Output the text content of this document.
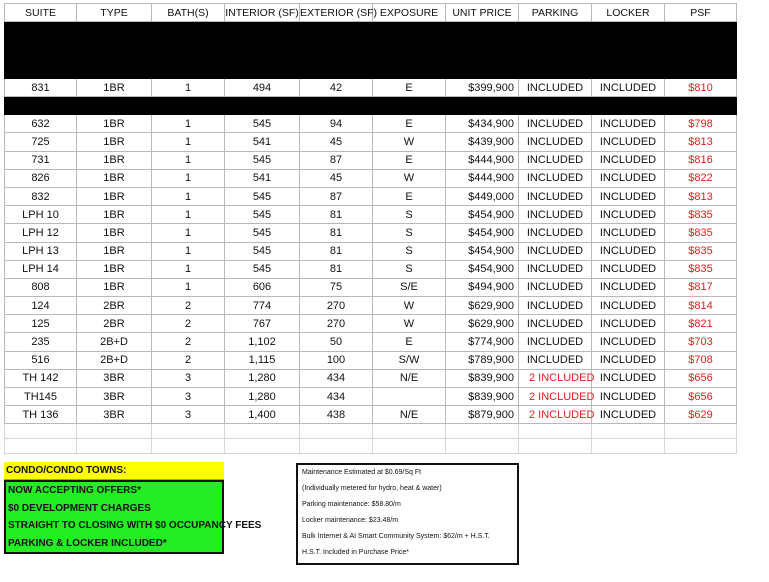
SUITE	TYPE	BATH(S)	INTERIOR (SF)	EXTERIOR (SF)	EXPOSURE	UNIT PRICE	PARKING	LOCKER	PSF

831	1BR	1	494	42	E	$399,900	INCLUDED	INCLUDED	$810

632	1BR	1	545	94	E	$434,900	INCLUDED	INCLUDED	$798
725	1BR	1	541	45	W	$439,900	INCLUDED	INCLUDED	$813
731	1BR	1	545	87	E	$444,900	INCLUDED	INCLUDED	$816
826	1BR	1	541	45	W	$444,900	INCLUDED	INCLUDED	$822
832	1BR	1	545	87	E	$449,000	INCLUDED	INCLUDED	$813
LPH 10	1BR	1	545	81	S	$454,900	INCLUDED	INCLUDED	$835
LPH 12	1BR	1	545	81	S	$454,900	INCLUDED	INCLUDED	$835
LPH 13	1BR	1	545	81	S	$454,900	INCLUDED	INCLUDED	$835
LPH 14	1BR	1	545	81	S	$454,900	INCLUDED	INCLUDED	$835
808	1BR	1	606	75	S/E	$494,900	INCLUDED	INCLUDED	$817
124	2BR	2	774	270	W	$629,900	INCLUDED	INCLUDED	$814
125	2BR	2	767	270	W	$629,900	INCLUDED	INCLUDED	$821
235	2B+D	2	1,102	50	E	$774,900	INCLUDED	INCLUDED	$703
516	2B+D	2	1,115	100	S/W	$789,900	INCLUDED	INCLUDED	$708
TH 142	3BR	3	1,280	434	N/E	$839,900	2 INCLUDED	INCLUDED	$656
TH145	3BR	3	1,280	434		$839,900	2 INCLUDED	INCLUDED	$656
TH 136	3BR	3	1,400	438	N/E	$879,900	2 INCLUDED	INCLUDED	$629

CONDO/CONDO TOWNS:
NOW ACCEPTING OFFERS*
$0 DEVELOPMENT CHARGES
STRAIGHT TO CLOSING WITH $0 OCCUPANCY FEES
PARKING & LOCKER INCLUDED*
Maintenance Estimated at $0.69/Sq Ft
(Individually metered for hydro, heat & water)
Parking maintenance: $58.80/m
Locker maintenance: $23.48/m
Bulk Internet & AI Smart Community System: $62/m + H.S.T.
H.S.T. Included in Purchase Price*
